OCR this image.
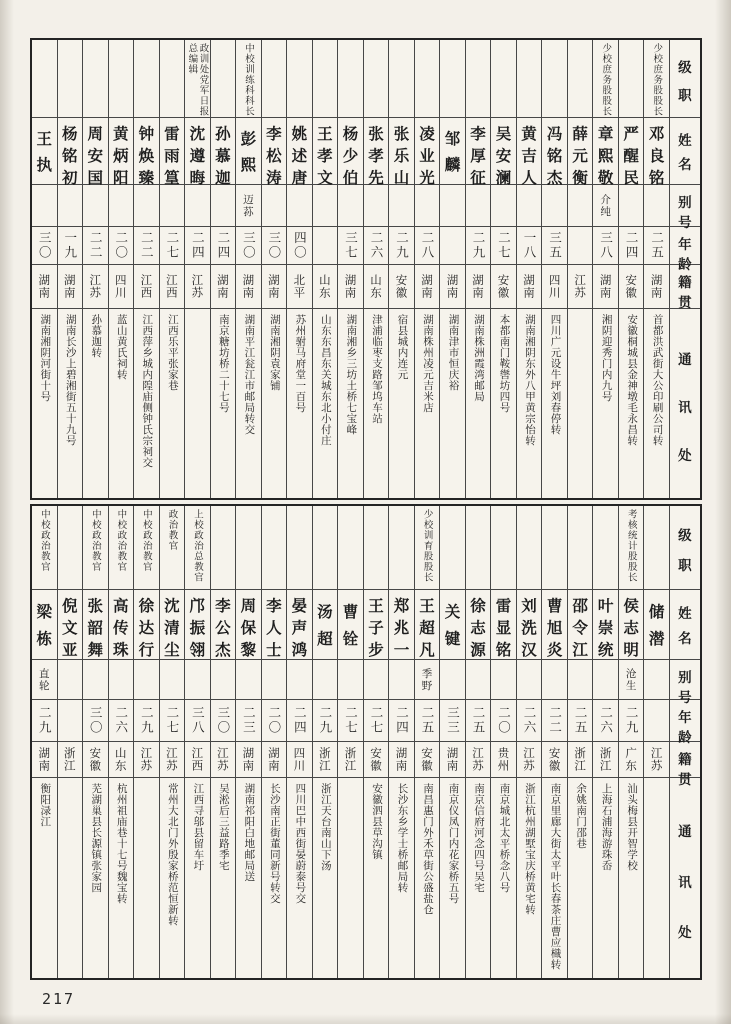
王
执
三〇
湖南
湖南湘阴河街十号
杨
铭
初
一九
湖南
湖南长沙上碧湘街五十九号
周
安
国
二二
江苏
孙慕迦转
黄
炳
阳
二〇
四川
蓝山黄氏祠转
钟
焕
臻
二二
江西
江西萍乡城内隍庙侧钟氏宗祠交
雷
雨
篁
二七
江西
江西乐平张家巷
政训处党军日报总编辑
沈
遵
晦
二四
江苏
孙
慕
迦
二四
湖南
南京糖坊桥二十七号
中校训练科科长
彭
熙
迈荪
三〇
湖南
湖南平江瓮江市邮局转交
李
松
涛
三〇
湖南
湖南湘阴袁家铺
姚
述
唐
四〇
北平
苏州驸马府堂一百号
王
孝
文
山东
山东东昌东关城东北小付庄
杨
少
伯
三七
湖南
湖南湘乡三坊土桥七宝峰
张
孝
先
二六
山东
津浦临枣支路邹坞车站
张
乐
山
二九
安徽
宿县城内连元
凌
业
光
二八
湖南
湖南株州凌元吉米店
邹
麟
湖南
湖南津市恒庆裕
李
厚
征
二九
湖南
湖南株洲霞湾邮局
吴
安
澜
二七
安徽
本都南门鞍辔坊四号
黄
吉
人
一八
湖南
湖南湘阴东外八甲黄宗怡转
冯
铭
杰
三五
四川
四川广元设牛坪刘春停转
薛
元
衡
江苏
少校庶务股股长
章
熙
敬
介纯
三八
湖南
湘阴迎秀门内九号
严
醒
民
二四
安徽
安徽桐城县金神墩毛永昌转
少校庶务股股长
邓
良
铭
二五
湖南
首都洪武街大公印刷公司转
级
职
姓
名
别
号
年
龄
籍
贯
通
讯
处
中校政治教官
梁
栋
直轮
二九
湖南
衡阳渌江
倪
文
亚
浙江
中校政治教官
张
韶
舞
三〇
安徽
芜湖巢县长源镇张家园
中校政治教官
高
传
珠
二六
山东
杭州祖庙巷十七号魏宝转
中校政治教官
徐
达
行
二九
江苏
政治教官
沈
清
尘
二七
江苏
常州大北门外殷家桥范恒新转
上校政治总教官
邝
振
翎
三八
江西
江西寻邬县留车圩
李
公
杰
三〇
江苏
吴淞后三益路季宅
周
保
黎
二三
湖南
湖南祁阳白地邮局送
李
人
士
二〇
湖南
长沙南正街董同新号转交
晏
声
鸿
二四
四川
四川巴中西街晏蔚泰号交
汤
超
二九
浙江
浙江天台南山下汤
曹
铨
二七
浙江
王
子
步
二七
安徽
安徽泗县草沟镇
郑
兆
一
二四
湖南
长沙东乡学士桥邮局转
少校训育股股长
王
超
凡
季野
二五
安徽
南昌惠门外禾草街公盛盐仓
关
键
三三
湖南
南京仪凤门内花家桥五号
徐
志
源
二五
江苏
南京信府河念四号吴宅
雷
显
铭
二〇
贵州
南京城北太平桥念八号
刘
洗
汉
二六
江苏
浙江杭州湖墅宝庆桥黄宅转
曹
旭
炎
二二
安徽
南京里廊大街太平叶长春茶庄曹应樴转
邵
令
江
二五
浙江
余姚南门邵巷
叶
崇
统
二六
浙江
上海石浦海游珠岙
考核统计股股长
侯
志
明
沧生
二九
广东
汕头梅县开智学校
储
潜
江苏
级
职
姓
名
别
号
年
龄
籍
贯
通
讯
处
217
